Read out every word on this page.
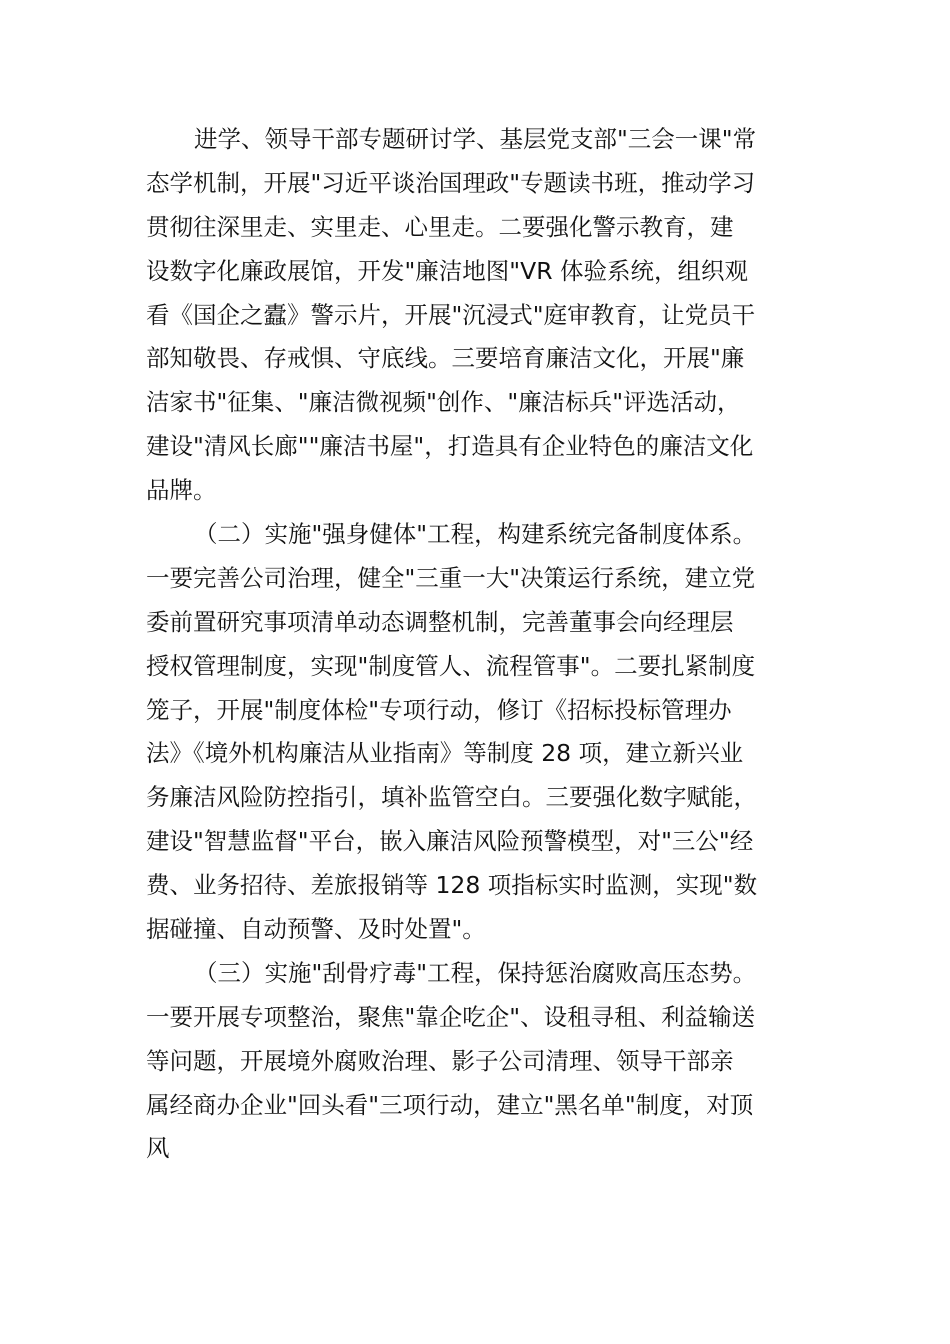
进学、领导干部专题研讨学、基层党支部"三会一课"常
态学机制，开展"习近平谈治国理政"专题读书班，推动学习
贯彻往深里走、实里走、心里走。二要强化警示教育，建
设数字化廉政展馆，开发"廉洁地图"VR 体验系统，组织观
看《国企之蠹》警示片，开展"沉浸式"庭审教育，让党员干
部知敬畏、存戒惧、守底线。三要培育廉洁文化，开展"廉
洁家书"征集、"廉洁微视频"创作、"廉洁标兵"评选活动，
建设"清风长廊""廉洁书屋"，打造具有企业特色的廉洁文化
品牌。
（二）实施"强身健体"工程，构建系统完备制度体系。
一要完善公司治理，健全"三重一大"决策运行系统，建立党
委前置研究事项清单动态调整机制，完善董事会向经理层
授权管理制度，实现"制度管人、流程管事"。二要扎紧制度
笼子，开展"制度体检"专项行动，修订《招标投标管理办
法》《境外机构廉洁从业指南》等制度 28 项，建立新兴业
务廉洁风险防控指引，填补监管空白。三要强化数字赋能，
建设"智慧监督"平台，嵌入廉洁风险预警模型，对"三公"经
费、业务招待、差旅报销等 128 项指标实时监测，实现"数
据碰撞、自动预警、及时处置"。
（三）实施"刮骨疗毒"工程，保持惩治腐败高压态势。
一要开展专项整治，聚焦"靠企吃企"、设租寻租、利益输送
等问题，开展境外腐败治理、影子公司清理、领导干部亲
属经商办企业"回头看"三项行动，建立"黑名单"制度，对顶
风
